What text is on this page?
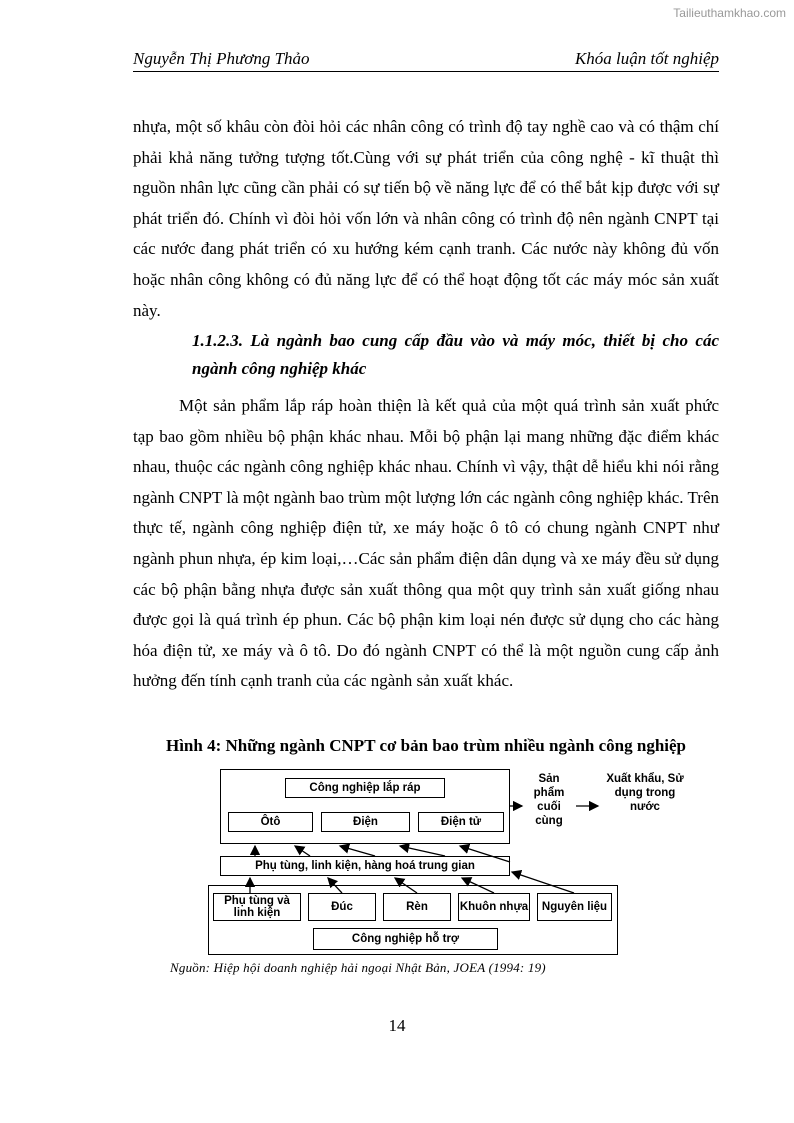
Tailieuthamkhao.com
Nguyễn Thị Phương Thảo	Khóa luận tốt nghiệp
nhựa, một số khâu còn đòi hỏi các nhân công có trình độ tay nghề cao và có thậm chí phải khả năng tưởng tượng tốt.Cùng với sự phát triển của công nghệ - kĩ thuật thì nguồn nhân lực cũng cần phải có sự tiến bộ về năng lực để có thể bắt kịp được với sự phát triển đó. Chính vì đòi hỏi vốn lớn và nhân công có trình độ nên ngành CNPT tại các nước đang phát triển có xu hướng kém cạnh tranh. Các nước này không đủ vốn hoặc nhân công không có đủ năng lực để có thể hoạt động tốt các máy móc sản xuất này.
1.1.2.3. Là ngành bao cung cấp đầu vào và máy móc, thiết bị cho các ngành công nghiệp khác
Một sản phẩm lắp ráp hoàn thiện là kết quả của một quá trình sản xuất phức tạp bao gồm nhiều bộ phận khác nhau. Mỗi bộ phận lại mang những đặc điểm khác nhau, thuộc các ngành công nghiệp khác nhau. Chính vì vậy, thật dễ hiểu khi nói rằng ngành CNPT là một ngành bao trùm một lượng lớn các ngành công nghiệp khác. Trên thực tế, ngành công nghiệp điện tử, xe máy hoặc ô tô có chung ngành CNPT như ngành phun nhựa, ép kim loại,…Các sản phẩm điện dân dụng và xe máy đều sử dụng các bộ phận bằng nhựa được sản xuất thông qua một quy trình sản xuất giống nhau được gọi là quá trình ép phun. Các bộ phận kim loại nén được sử dụng cho các hàng hóa điện tử, xe máy và ô tô. Do đó ngành CNPT có thể là một nguồn cung cấp ảnh hưởng đến tính cạnh tranh của các ngành sản xuất khác.
Hình 4: Những ngành CNPT cơ bản bao trùm nhiều ngành công nghiệp
Công nghiệp lắp ráp
Ôtô	Điện	Điện tử
Sản phẩm cuối cùng
Xuất khẩu, Sử dụng trong nước
Phụ tùng, linh kiện, hàng hoá trung gian
Phụ tùng và linh kiện	Đúc	Rèn	Khuôn nhựa	Nguyên liệu
Công nghiệp hỗ trợ
Nguồn: Hiệp hội doanh nghiệp hải ngoại Nhật Bản, JOEA (1994: 19)
14
